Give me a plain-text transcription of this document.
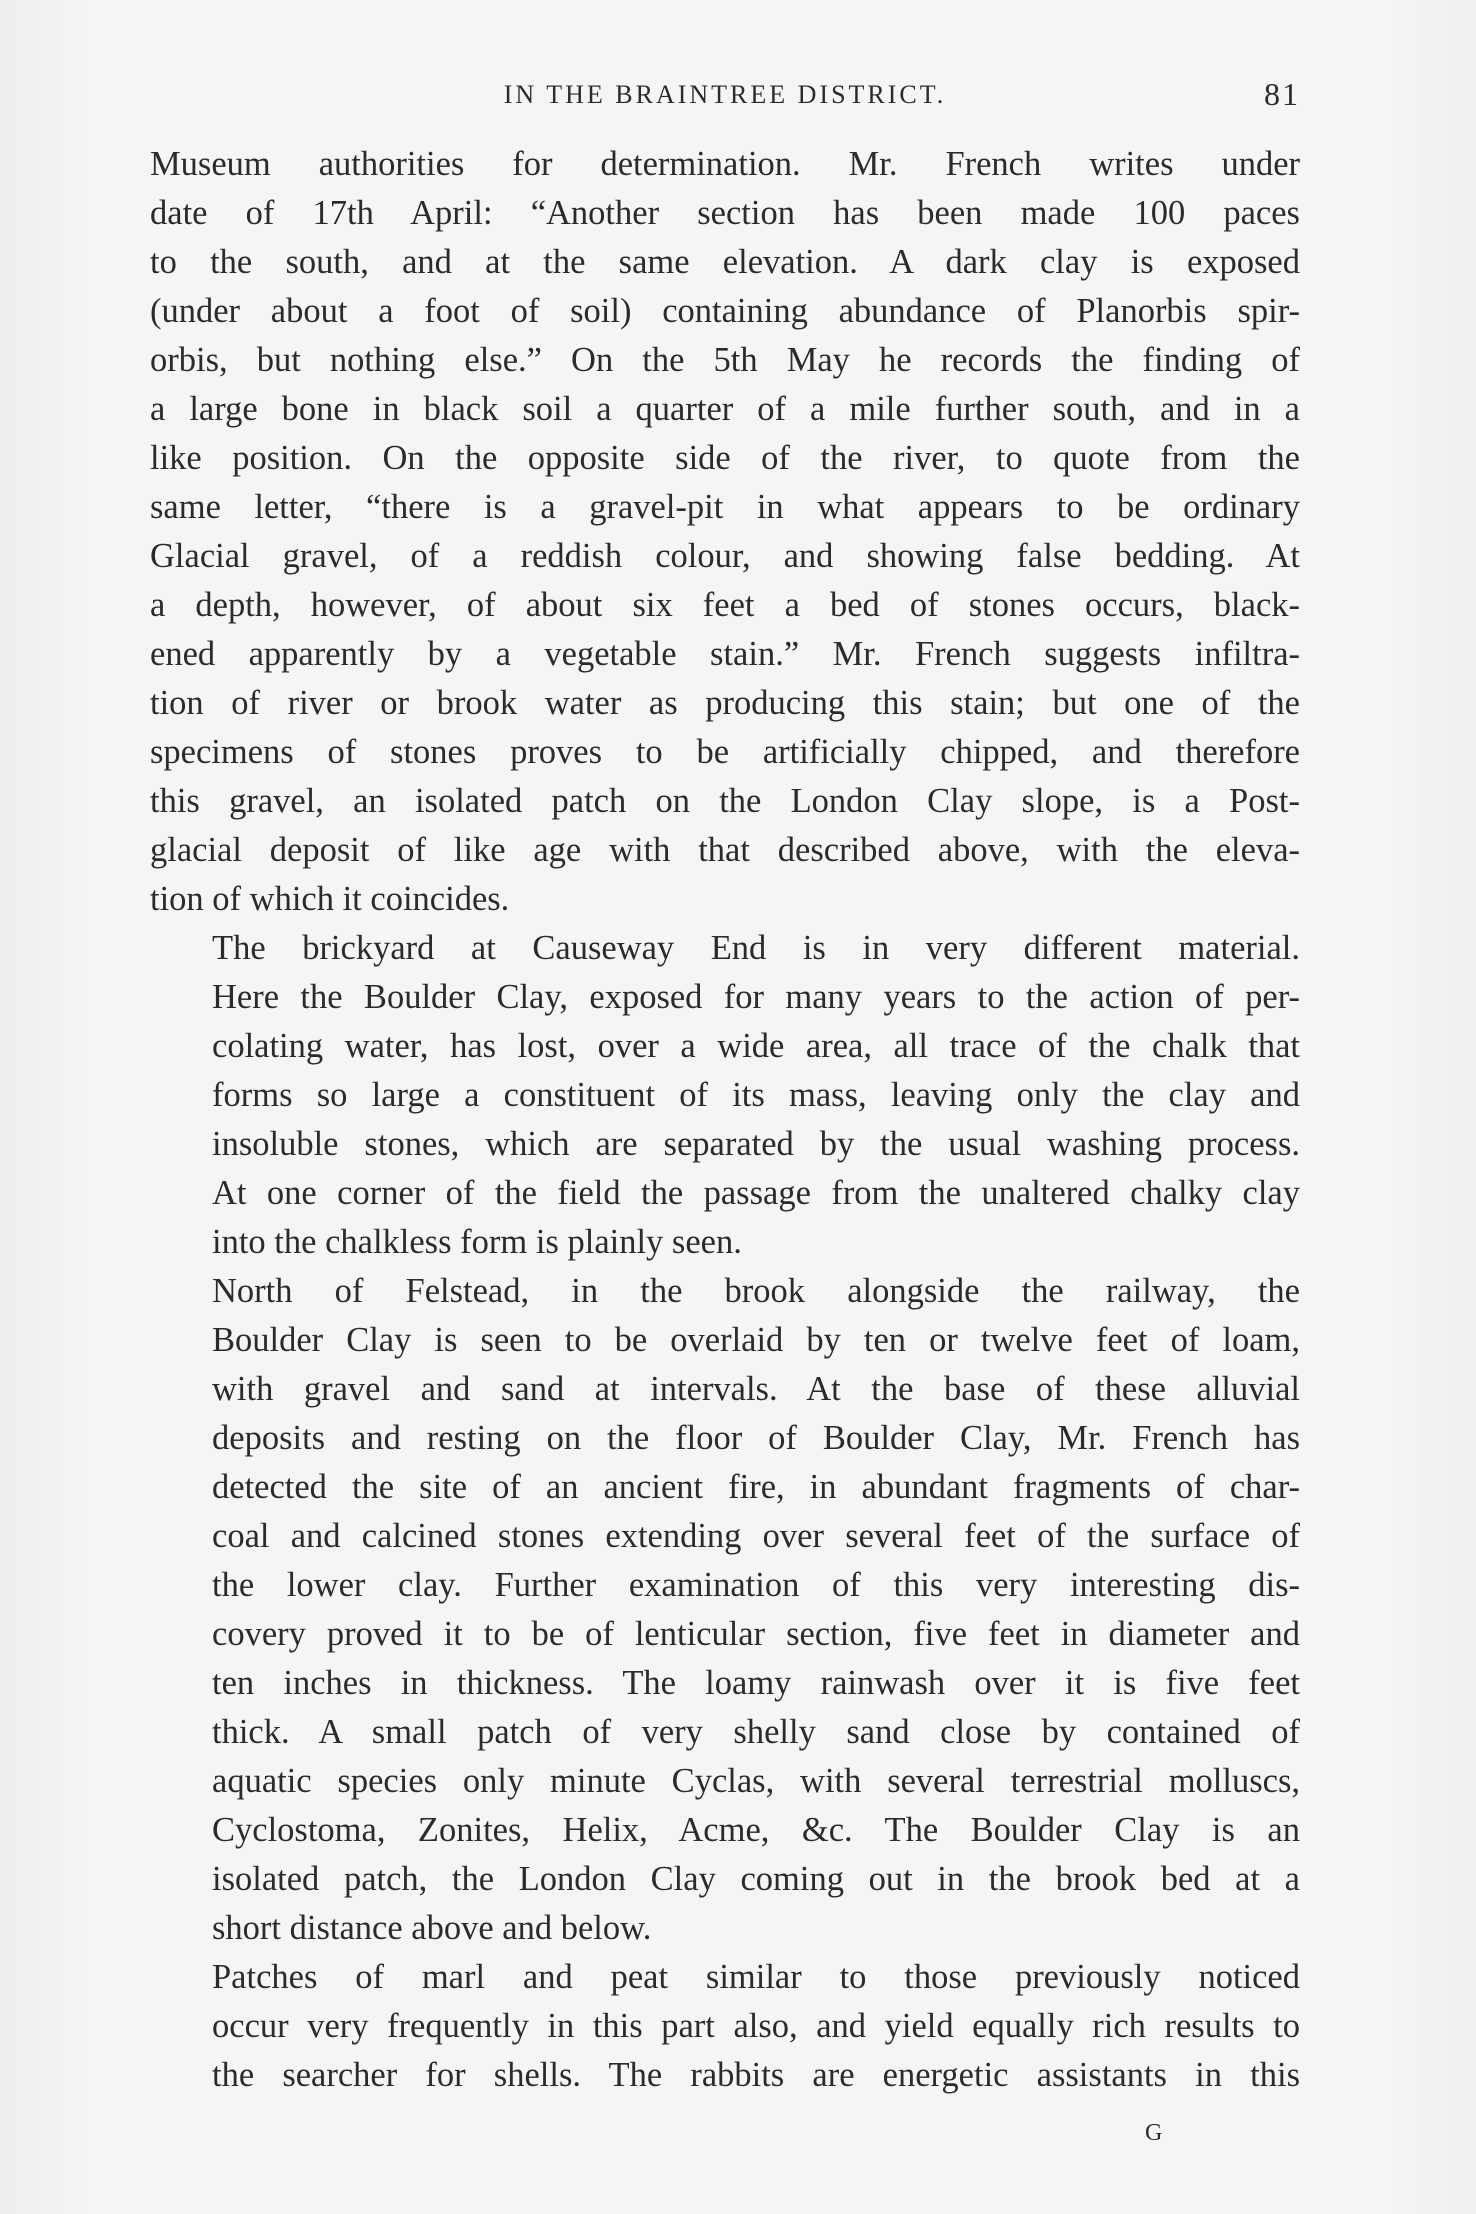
IN THE BRAINTREE DISTRICT.	81

Museum authorities for determination. Mr. French writes under
date of 17th April: “Another section has been made 100 paces
to the south, and at the same elevation. A dark clay is exposed
(under about a foot of soil) containing abundance of Planorbis spir-
orbis, but nothing else.” On the 5th May he records the finding of
a large bone in black soil a quarter of a mile further south, and in a
like position. On the opposite side of the river, to quote from the
same letter, “there is a gravel-pit in what appears to be ordinary
Glacial gravel, of a reddish colour, and showing false bedding. At
a depth, however, of about six feet a bed of stones occurs, black-
ened apparently by a vegetable stain.” Mr. French suggests infiltra-
tion of river or brook water as producing this stain; but one of the
specimens of stones proves to be artificially chipped, and therefore
this gravel, an isolated patch on the London Clay slope, is a Post-
glacial deposit of like age with that described above, with the eleva-
tion of which it coincides.

The brickyard at Causeway End is in very different material.
Here the Boulder Clay, exposed for many years to the action of per-
colating water, has lost, over a wide area, all trace of the chalk that
forms so large a constituent of its mass, leaving only the clay and
insoluble stones, which are separated by the usual washing process.
At one corner of the field the passage from the unaltered chalky clay
into the chalkless form is plainly seen.

North of Felstead, in the brook alongside the railway, the
Boulder Clay is seen to be overlaid by ten or twelve feet of loam,
with gravel and sand at intervals. At the base of these alluvial
deposits and resting on the floor of Boulder Clay, Mr. French has
detected the site of an ancient fire, in abundant fragments of char-
coal and calcined stones extending over several feet of the surface of
the lower clay. Further examination of this very interesting dis-
covery proved it to be of lenticular section, five feet in diameter and
ten inches in thickness. The loamy rainwash over it is five feet
thick. A small patch of very shelly sand close by contained of
aquatic species only minute Cyclas, with several terrestrial molluscs,
Cyclostoma, Zonites, Helix, Acme, &c. The Boulder Clay is an
isolated patch, the London Clay coming out in the brook bed at a
short distance above and below.

Patches of marl and peat similar to those previously noticed
occur very frequently in this part also, and yield equally rich results to
the searcher for shells. The rabbits are energetic assistants in this

G
